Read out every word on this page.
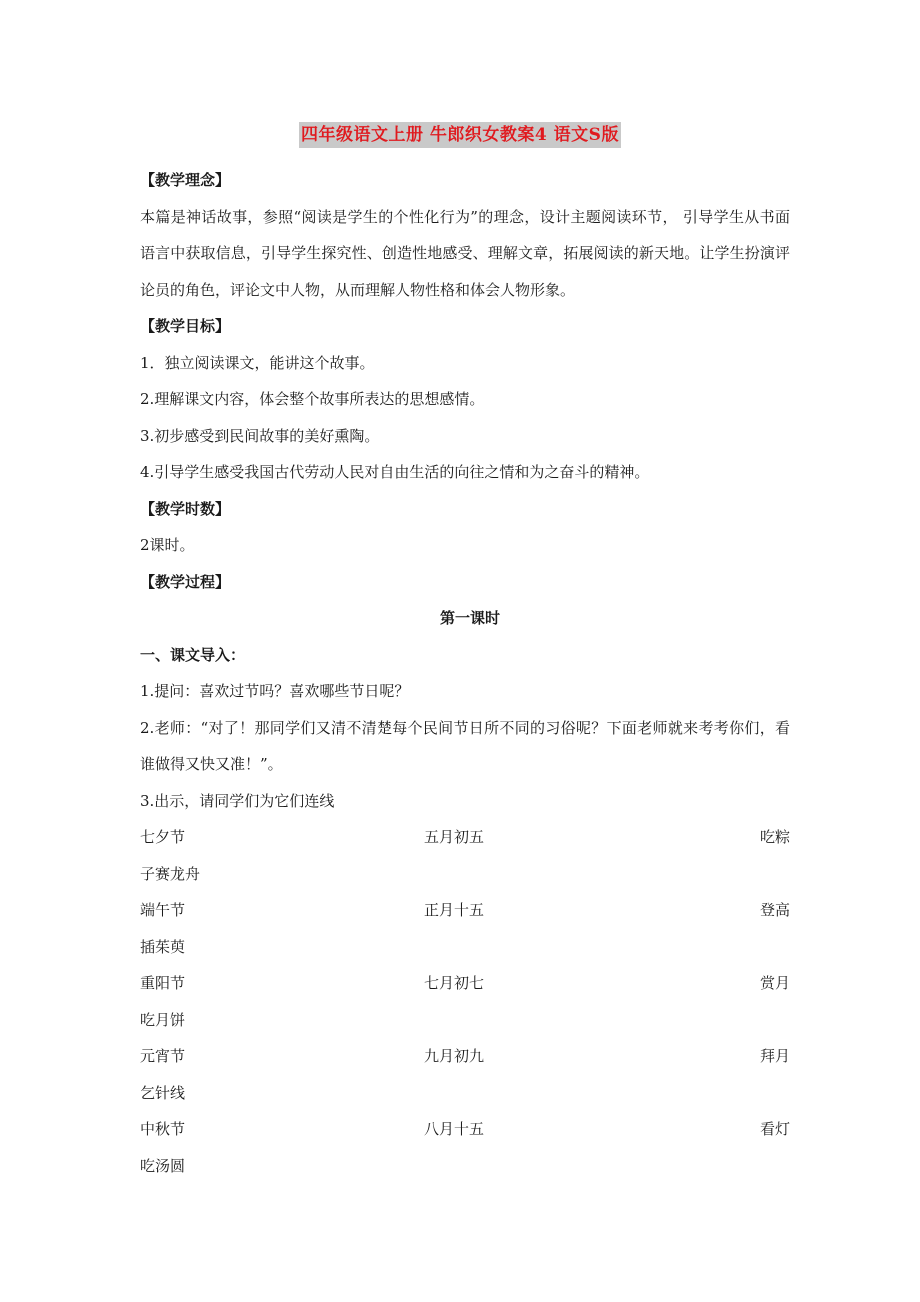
四年级语文上册 牛郎织女教案4 语文S版
【教学理念】
本篇是神话故事，参照“阅读是学生的个性化行为”的理念，设计主题阅读环节， 引导学生从书面语言中获取信息，引导学生探究性、创造性地感受、理解文章，拓展阅读的新天地。让学生扮演评论员的角色，评论文中人物，从而理解人物性格和体会人物形象。
【教学目标】
1．独立阅读课文，能讲这个故事。
2.理解课文内容，体会整个故事所表达的思想感情。
3.初步感受到民间故事的美好熏陶。
4.引导学生感受我国古代劳动人民对自由生活的向往之情和为之奋斗的精神。
【教学时数】
2课时。
【教学过程】
第一课时
一、课文导入：
1.提问：喜欢过节吗？喜欢哪些节日呢？
2.老师：“对了！那同学们又清不清楚每个民间节日所不同的习俗呢？下面老师就来考考你们，看谁做得又快又准！”。
3.出示，请同学们为它们连线
七夕节	五月初五	吃粽
子赛龙舟
端午节	正月十五	登高
插茱萸
重阳节	七月初七	赏月
吃月饼
元宵节	九月初九	拜月
乞针线
中秋节	八月十五	看灯
吃汤圆
